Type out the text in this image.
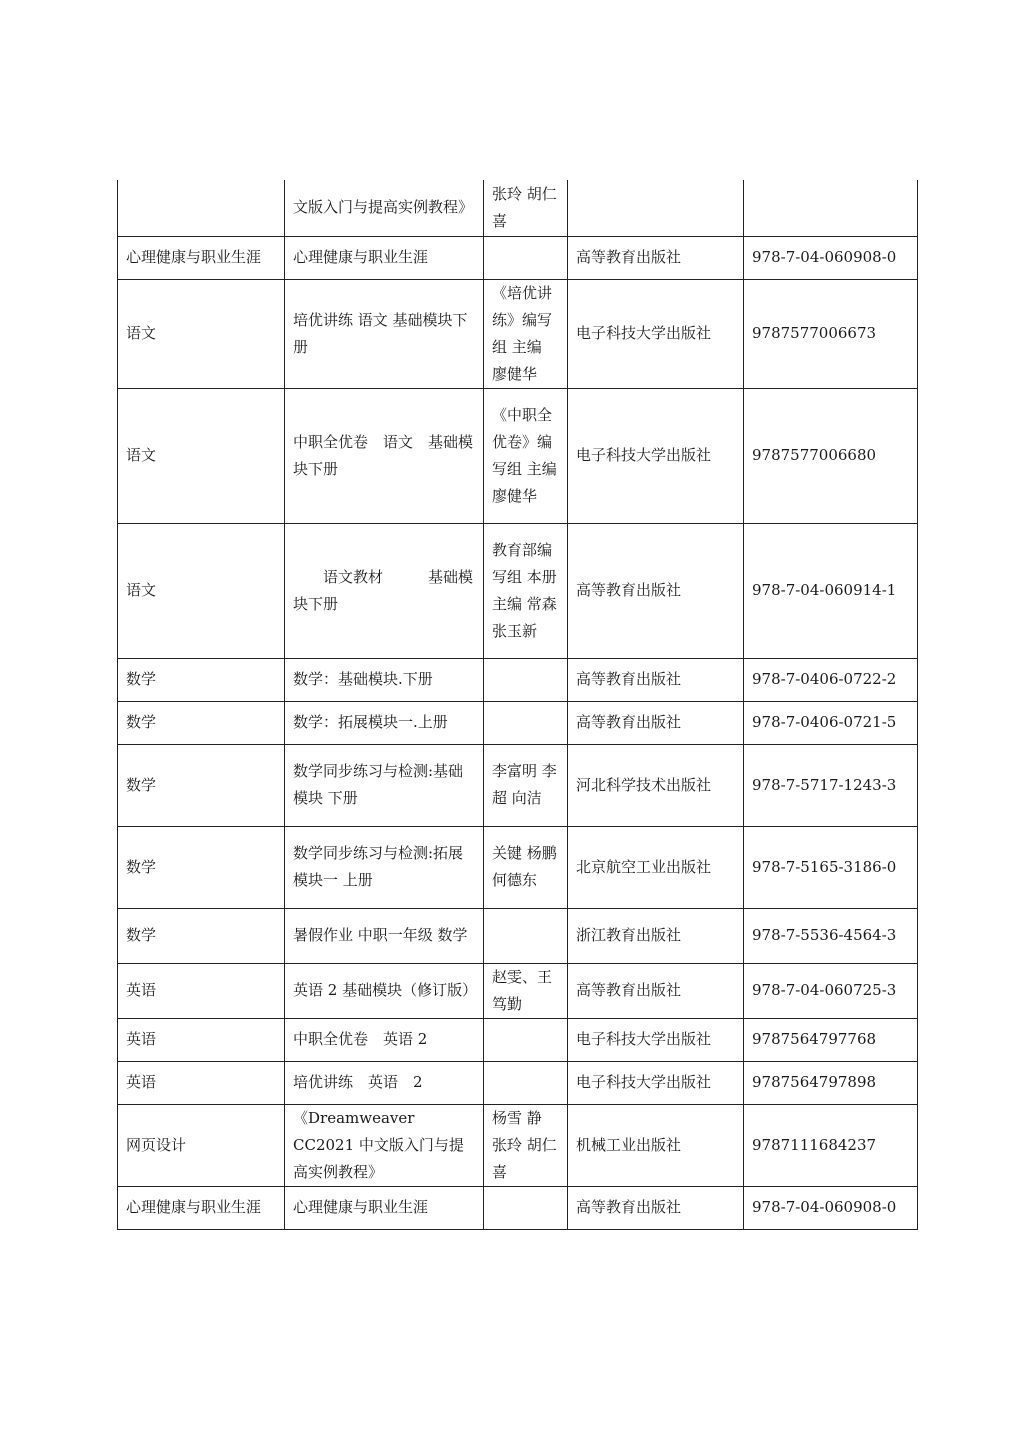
	文版入门与提高实例教程》	张玲 胡仁喜		
心理健康与职业生涯	心理健康与职业生涯		高等教育出版社	978-7-04-060908-0
语文	培优讲练 语文 基础模块下册	《培优讲练》编写组 主编 廖健华	电子科技大学出版社	9787577006673
语文	中职全优卷　语文　基础模块下册	《中职全优卷》编写组 主编 廖健华	电子科技大学出版社	9787577006680
语文	　　语文教材　　　基础模块下册	教育部编写组 本册主编 常森 张玉新	高等教育出版社	978-7-04-060914-1
数学	数学：基础模块.下册		高等教育出版社	978-7-0406-0722-2
数学	数学：拓展模块一.上册		高等教育出版社	978-7-0406-0721-5
数学	数学同步练习与检测:基础模块 下册	李富明 李超 向洁	河北科学技术出版社	978-7-5717-1243-3
数学	数学同步练习与检测:拓展模块一 上册	关键 杨鹏 何德东	北京航空工业出版社	978-7-5165-3186-0
数学	暑假作业 中职一年级 数学		浙江教育出版社	978-7-5536-4564-3
英语	英语 2 基础模块（修订版）	赵雯、王笃勤	高等教育出版社	978-7-04-060725-3
英语	中职全优卷　英语 2		电子科技大学出版社	9787564797768
英语	培优讲练　英语　2		电子科技大学出版社	9787564797898
网页设计	《Dreamweaver CC2021 中文版入门与提高实例教程》	杨雪 静 张玲 胡仁喜	机械工业出版社	9787111684237
心理健康与职业生涯	心理健康与职业生涯		高等教育出版社	978-7-04-060908-0
